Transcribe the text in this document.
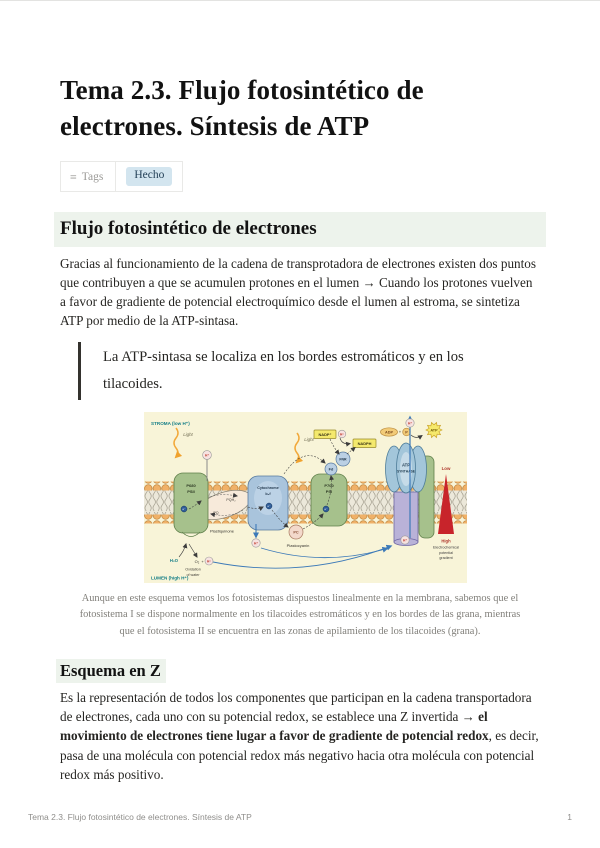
Tema 2.3. Flujo fotosintético de electrones. Síntesis de ATP
≡ Tags	Hecho
Flujo fotosintético de electrones

Gracias al funcionamiento de la cadena de transprotadora de electrones existen dos puntos que contribuyen a que se acumulen protones en el lumen → Cuando los protones vuelven a favor de gradiente de potencial electroquímico desde el lumen al estroma, se sintetiza ATP por medio de la ATP-sintasa.

La ATP-sintasa se localiza en los bordes estromáticos y en los tilacoides.
Low
High
Electrochemical
potential
gradient
PQH₂
PQ
Plastiquinone
P680
PSII
Cytochrome
b₆f
P700
PSI
PC
Plastocyanin
H⁺
Fd
FNR
NADP⁺	H⁺
NADPH
ATP
SYNTHASE
ADP + P	ATP
Light
Light
H⁺
H⁺
H⁺
e⁻
e⁻
e⁻
H₂O	O₂ + H⁺
Oxidation
of water
STROMA (low H⁺)
LUMEN (high H⁺)

Aunque en este esquema vemos los fotosistemas dispuestos linealmente en la membrana, sabemos que el fotosistema I se dispone normalmente en los tilacoides estromáticos y en los bordes de las grana, mientras que el fotosistema II se encuentra en las zonas de apilamiento de los tilacoides (grana).

Esquema en Z

Es la representación de todos los componentes que participan en la cadena transportadora de electrones, cada uno con su potencial redox, se establece una Z invertida → el movimiento de electrones tiene lugar a favor de gradiente de potencial redox, es decir, pasa de una molécula con potencial redox más negativo hacia otra molécula con potencial redox más positivo.

Tema 2.3. Flujo fotosintético de electrones. Síntesis de ATP	1
